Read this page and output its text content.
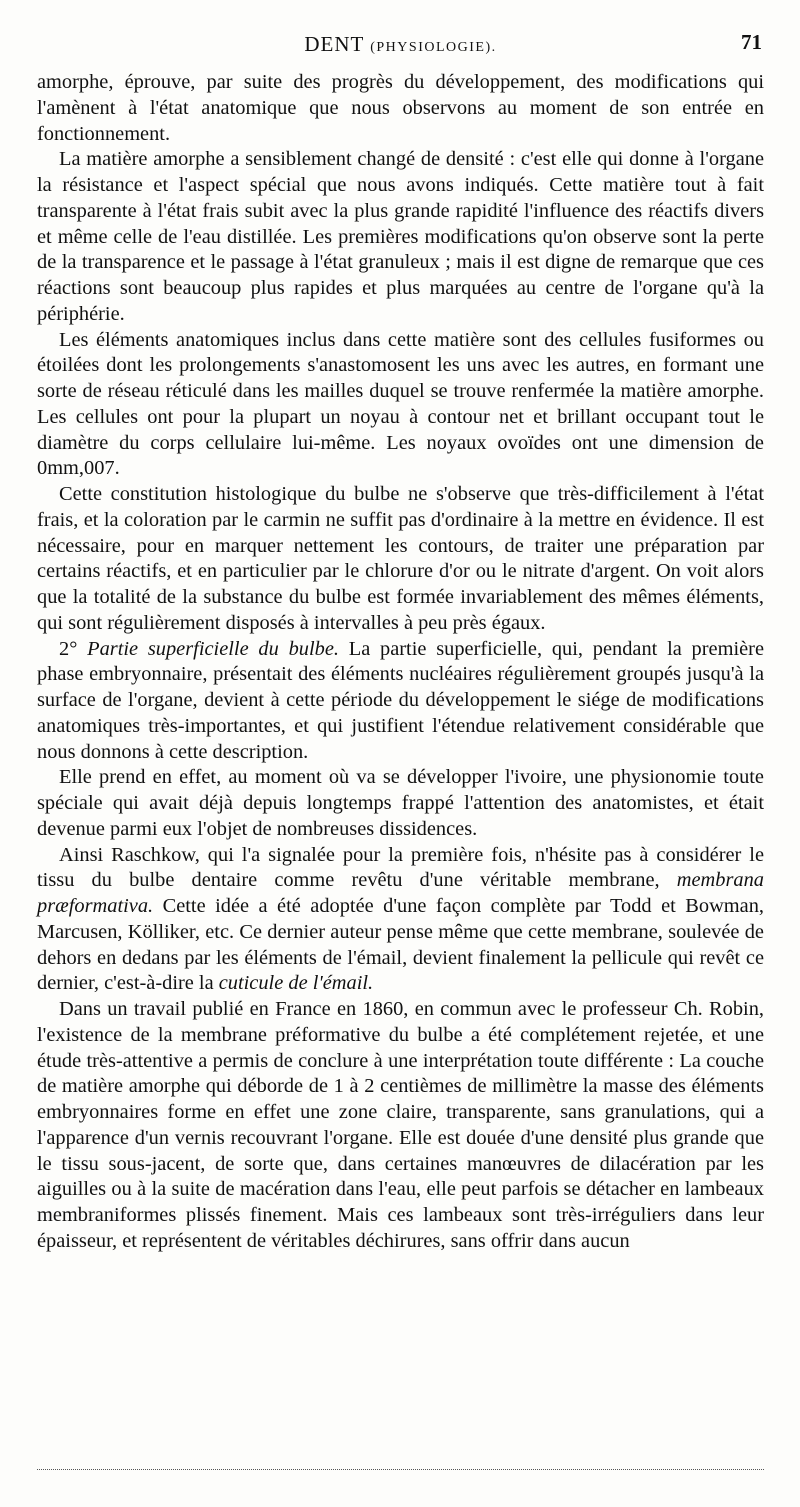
DENT (PHYSIOLOGIE).	71

amorphe, éprouve, par suite des progrès du développement, des modifications qui l'amènent à l'état anatomique que nous observons au moment de son entrée en fonctionnement.

La matière amorphe a sensiblement changé de densité : c'est elle qui donne à l'organe la résistance et l'aspect spécial que nous avons indiqués. Cette matière tout à fait transparente à l'état frais subit avec la plus grande rapidité l'influence des réactifs divers et même celle de l'eau distillée. Les premières modifications qu'on observe sont la perte de la transparence et le passage à l'état granuleux ; mais il est digne de remarque que ces réactions sont beaucoup plus rapides et plus marquées au centre de l'organe qu'à la périphérie.

Les éléments anatomiques inclus dans cette matière sont des cellules fusiformes ou étoilées dont les prolongements s'anastomosent les uns avec les autres, en formant une sorte de réseau réticulé dans les mailles duquel se trouve renfermée la matière amorphe. Les cellules ont pour la plupart un noyau à contour net et brillant occupant tout le diamètre du corps cellulaire lui-même. Les noyaux ovoïdes ont une dimension de 0mm,007.

Cette constitution histologique du bulbe ne s'observe que très-difficilement à l'état frais, et la coloration par le carmin ne suffit pas d'ordinaire à la mettre en évidence. Il est nécessaire, pour en marquer nettement les contours, de traiter une préparation par certains réactifs, et en particulier par le chlorure d'or ou le nitrate d'argent. On voit alors que la totalité de la substance du bulbe est formée invariablement des mêmes éléments, qui sont régulièrement disposés à intervalles à peu près égaux.

2° Partie superficielle du bulbe. La partie superficielle, qui, pendant la première phase embryonnaire, présentait des éléments nucléaires régulièrement groupés jusqu'à la surface de l'organe, devient à cette période du développement le siége de modifications anatomiques très-importantes, et qui justifient l'étendue relativement considérable que nous donnons à cette description.

Elle prend en effet, au moment où va se développer l'ivoire, une physionomie toute spéciale qui avait déjà depuis longtemps frappé l'attention des anatomistes, et était devenue parmi eux l'objet de nombreuses dissidences.

Ainsi Raschkow, qui l'a signalée pour la première fois, n'hésite pas à considérer le tissu du bulbe dentaire comme revêtu d'une véritable membrane, membrana præformativa. Cette idée a été adoptée d'une façon complète par Todd et Bowman, Marcusen, Kölliker, etc. Ce dernier auteur pense même que cette membrane, soulevée de dehors en dedans par les éléments de l'émail, devient finalement la pellicule qui revêt ce dernier, c'est-à-dire la cuticule de l'émail.

Dans un travail publié en France en 1860, en commun avec le professeur Ch. Robin, l'existence de la membrane préformative du bulbe a été complétement rejetée, et une étude très-attentive a permis de conclure à une interprétation toute différente : La couche de matière amorphe qui déborde de 1 à 2 centièmes de millimètre la masse des éléments embryonnaires forme en effet une zone claire, transparente, sans granulations, qui a l'apparence d'un vernis recouvrant l'organe. Elle est douée d'une densité plus grande que le tissu sous-jacent, de sorte que, dans certaines manœuvres de dilacération par les aiguilles ou à la suite de macération dans l'eau, elle peut parfois se détacher en lambeaux membraniformes plissés finement. Mais ces lambeaux sont très-irréguliers dans leur épaisseur, et représentent de véritables déchirures, sans offrir dans aucun
